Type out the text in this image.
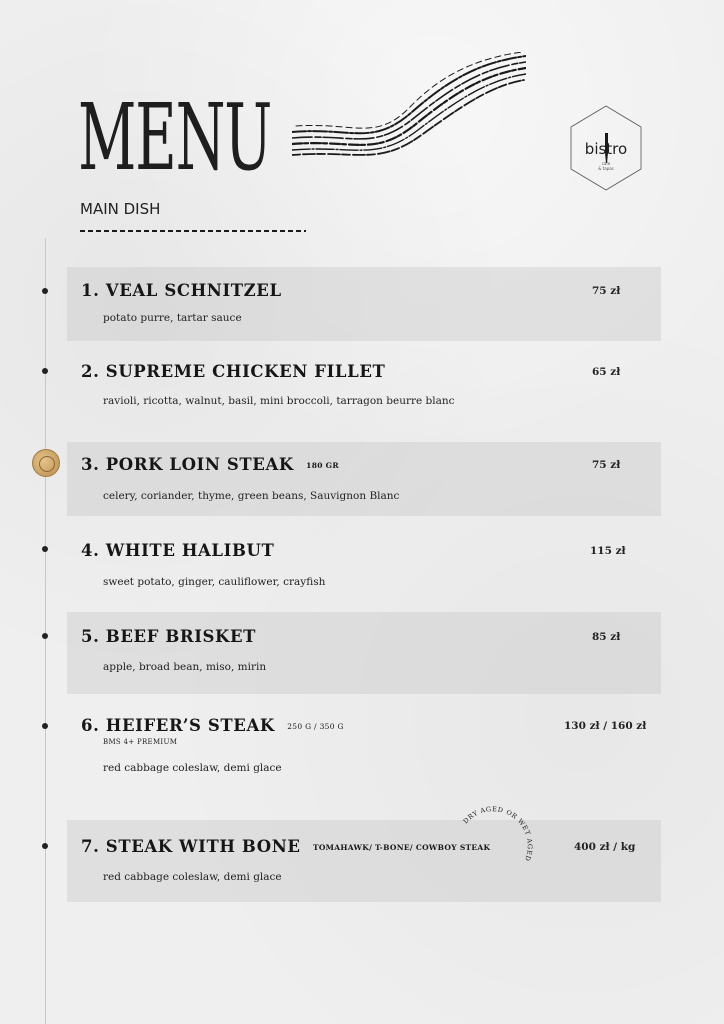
MENU
MAIN DISH
bistro
cafe
& tapas
1. VEAL SCHNITZEL
potato purre, tartar sauce
75 zł
2. SUPREME CHICKEN FILLET
ravioli, ricotta, walnut, basil, mini broccoli, tarragon beurre blanc
65 zł
3. PORK LOIN STEAK 180 GR
celery, coriander, thyme, green beans, Sauvignon Blanc
75 zł
4. WHITE HALIBUT
sweet potato, ginger, cauliflower, crayfish
115 zł
5. BEEF BRISKET
apple, broad bean, miso, mirin
85 zł
6. HEIFER’S STEAK 250 G / 350 G
BMS 4+ PREMIUM
red cabbage coleslaw, demi glace
130 zł / 160 zł
7. STEAK WITH BONE TOMAHAWK/ T-BONE/ COWBOY STEAK
red cabbage coleslaw, demi glace
400 zł / kg
DRY AGED OR WET AGED
